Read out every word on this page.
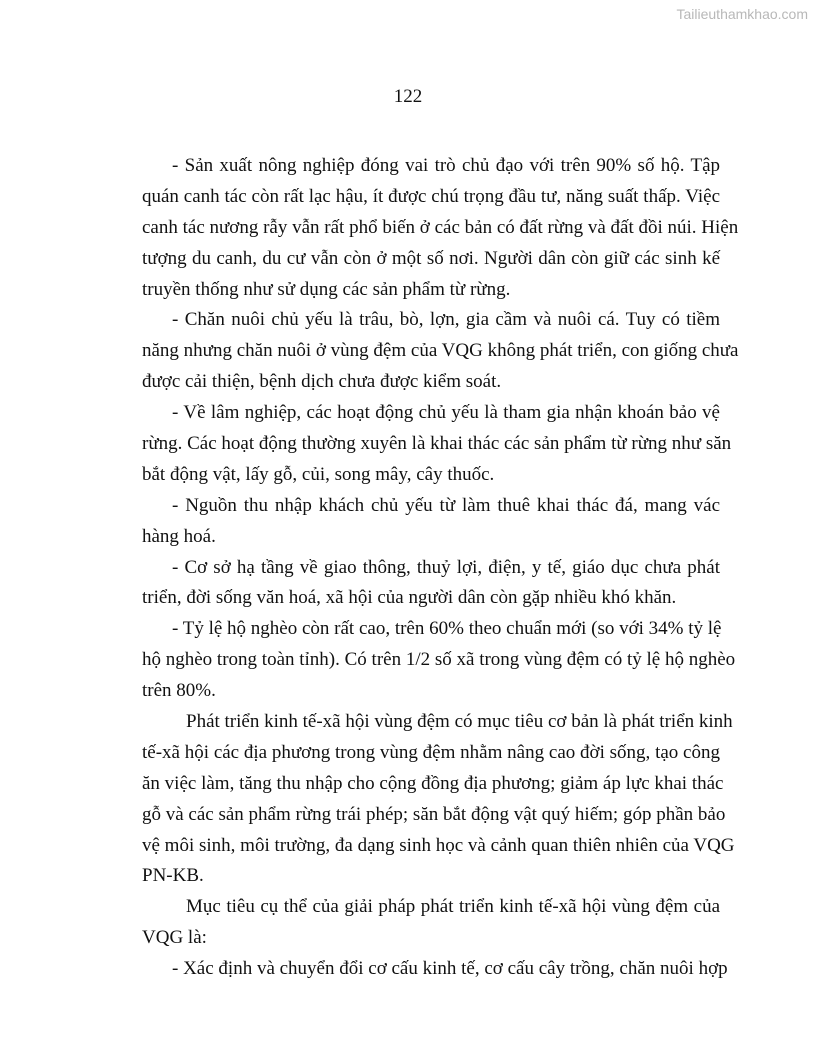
Tailieuthamkhao.com
122
- Sản xuất nông nghiệp đóng vai trò chủ đạo với trên 90% số hộ. Tập
quán canh tác còn rất lạc hậu, ít được chú trọng đầu tư, năng suất thấp. Việc
canh tác nương rẫy vẫn rất phổ biến ở các bản có đất rừng và đất đồi núi. Hiện
tượng du canh, du cư vẫn còn ở một số nơi. Người dân còn giữ các sinh kế
truyền thống như sử dụng các sản phẩm từ rừng.
- Chăn nuôi chủ yếu là trâu, bò, lợn, gia cầm và nuôi cá. Tuy có tiềm
năng nhưng chăn nuôi ở vùng đệm của VQG không phát triển, con giống chưa
được cải thiện, bệnh dịch chưa được kiểm soát.
- Về lâm nghiệp, các hoạt động chủ yếu là tham gia nhận khoán bảo vệ
rừng. Các hoạt động thường xuyên là khai thác các sản phẩm từ rừng như săn
bắt động vật, lấy gỗ, củi, song mây, cây thuốc.
- Nguồn thu nhập khách chủ yếu từ làm thuê khai thác đá, mang vác
hàng hoá.
- Cơ sở hạ tầng về giao thông, thuỷ lợi, điện, y tế, giáo dục chưa phát
triển, đời sống văn hoá, xã hội của người dân còn gặp nhiều khó khăn.
- Tỷ lệ hộ nghèo còn rất cao, trên 60% theo chuẩn mới (so với 34% tỷ lệ
hộ nghèo trong toàn tỉnh). Có trên 1/2 số xã trong vùng đệm có tỷ lệ hộ nghèo
trên 80%.
Phát triển kinh tế-xã hội vùng đệm có mục tiêu cơ bản là phát triển kinh
tế-xã hội các địa phương trong vùng đệm nhằm nâng cao đời sống, tạo công
ăn việc làm, tăng thu nhập cho cộng đồng địa phương; giảm áp lực khai thác
gỗ và các sản phẩm rừng trái phép; săn bắt động vật quý hiếm; góp phần bảo
vệ môi sinh, môi trường, đa dạng sinh học và cảnh quan thiên nhiên của VQG
PN-KB.
Mục tiêu cụ thể của giải pháp phát triển kinh tế-xã hội vùng đệm của
VQG là:
- Xác định và chuyển đổi cơ cấu kinh tế, cơ cấu cây trồng, chăn nuôi hợp
